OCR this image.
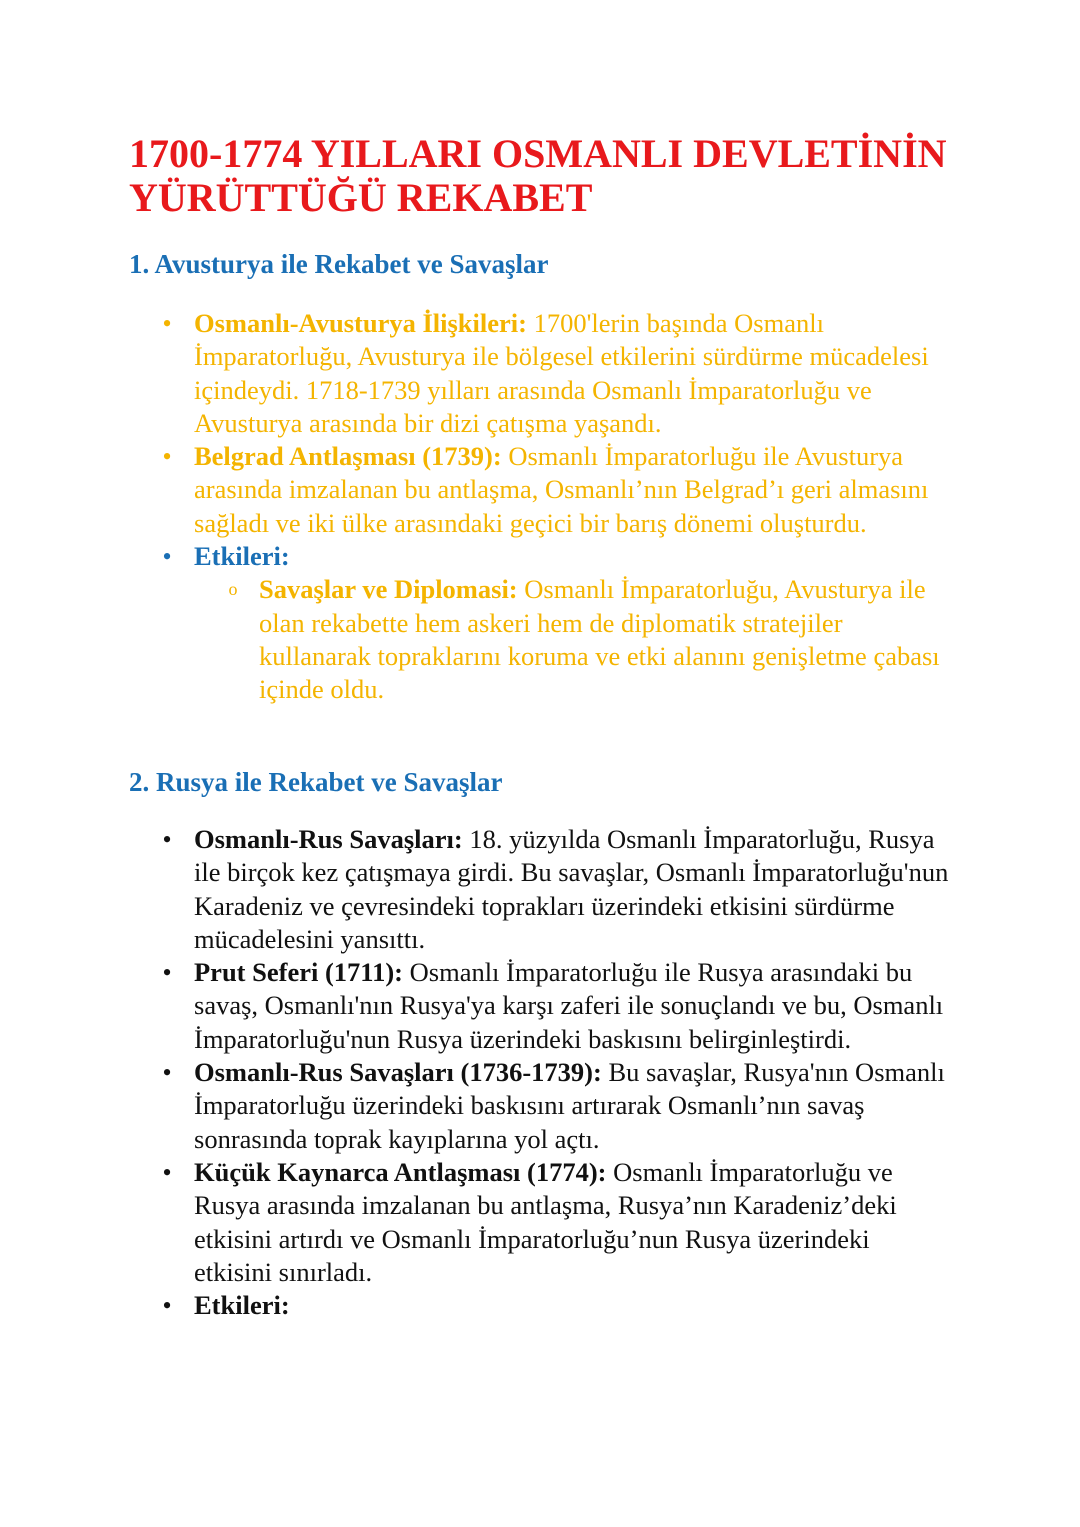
1700-1774 YILLARI OSMANLI DEVLETİNİN YÜRÜTTÜĞÜ REKABET
1. Avusturya ile Rekabet ve Savaşlar
• Osmanlı-Avusturya İlişkileri: 1700'lerin başında Osmanlı İmparatorluğu, Avusturya ile bölgesel etkilerini sürdürme mücadelesi içindeydi. 1718-1739 yılları arasında Osmanlı İmparatorluğu ve Avusturya arasında bir dizi çatışma yaşandı.
• Belgrad Antlaşması (1739): Osmanlı İmparatorluğu ile Avusturya arasında imzalanan bu antlaşma, Osmanlı’nın Belgrad’ı geri almasını sağladı ve iki ülke arasındaki geçici bir barış dönemi oluşturdu.
• Etkileri:
o Savaşlar ve Diplomasi: Osmanlı İmparatorluğu, Avusturya ile olan rekabette hem askeri hem de diplomatik stratejiler kullanarak topraklarını koruma ve etki alanını genişletme çabası içinde oldu.
2. Rusya ile Rekabet ve Savaşlar
• Osmanlı-Rus Savaşları: 18. yüzyılda Osmanlı İmparatorluğu, Rusya ile birçok kez çatışmaya girdi. Bu savaşlar, Osmanlı İmparatorluğu'nun Karadeniz ve çevresindeki toprakları üzerindeki etkisini sürdürme mücadelesini yansıttı.
• Prut Seferi (1711): Osmanlı İmparatorluğu ile Rusya arasındaki bu savaş, Osmanlı'nın Rusya'ya karşı zaferi ile sonuçlandı ve bu, Osmanlı İmparatorluğu'nun Rusya üzerindeki baskısını belirginleştirdi.
• Osmanlı-Rus Savaşları (1736-1739): Bu savaşlar, Rusya'nın Osmanlı İmparatorluğu üzerindeki baskısını artırarak Osmanlı’nın savaş sonrasında toprak kayıplarına yol açtı.
• Küçük Kaynarca Antlaşması (1774): Osmanlı İmparatorluğu ve Rusya arasında imzalanan bu antlaşma, Rusya’nın Karadeniz’deki etkisini artırdı ve Osmanlı İmparatorluğu’nun Rusya üzerindeki etkisini sınırladı.
• Etkileri:
